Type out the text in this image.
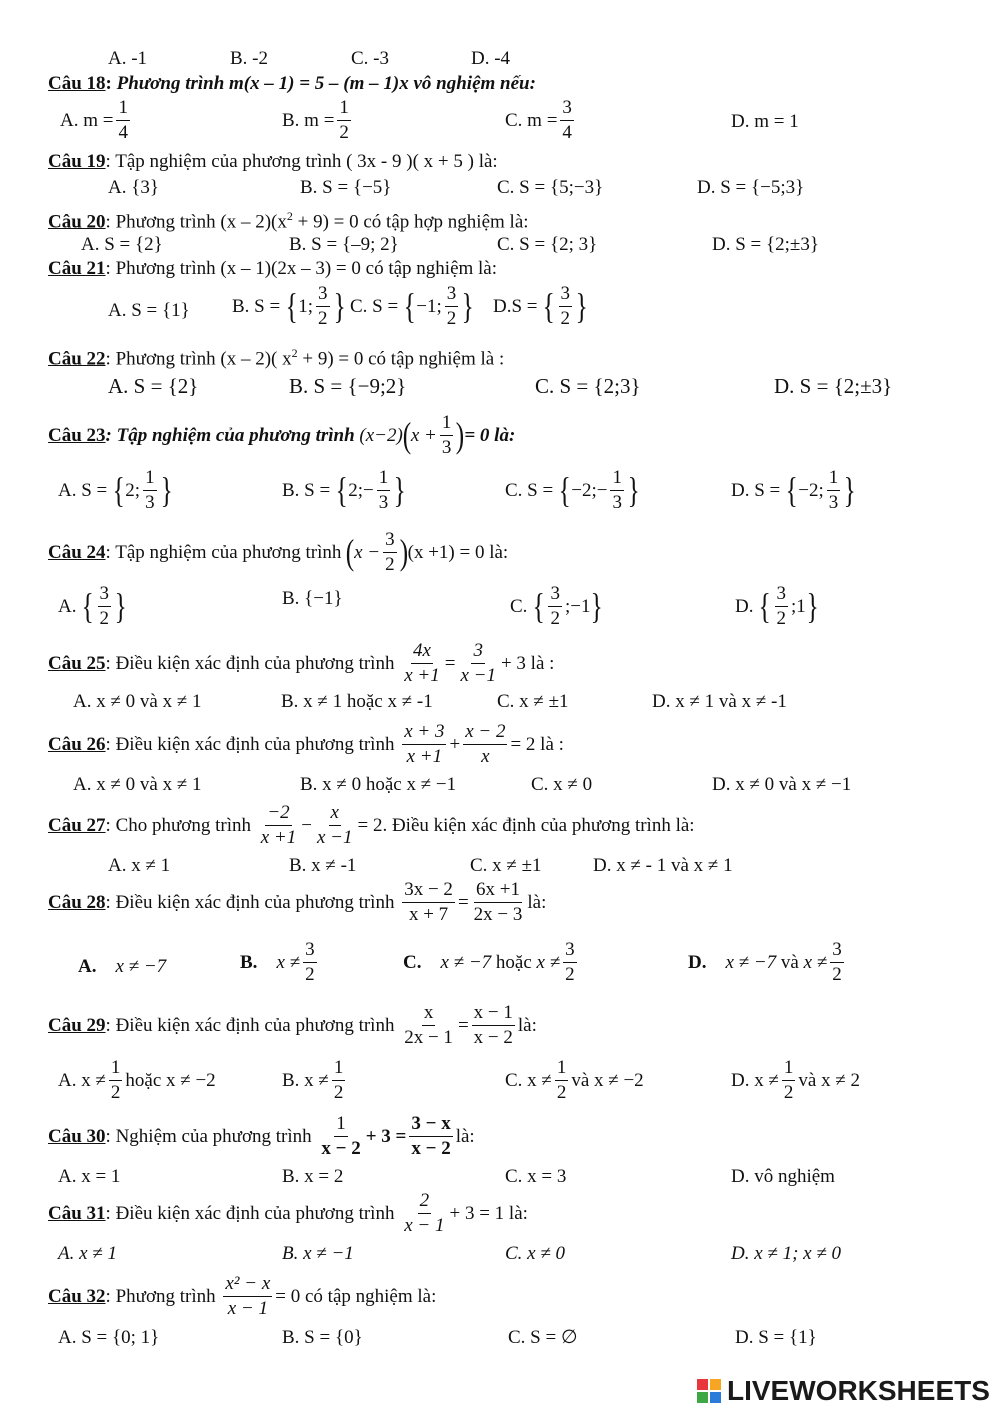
A. -1	B. -2	C. -3	D. -4
Câu 18: Phương trình m(x – 1) = 5 – (m – 1)x vô nghiệm nếu:
A. $m = \frac{1}{4}$	B. $m = \frac{1}{2}$	C. $m = \frac{3}{4}$	D. m = 1
Câu 19: Tập nghiệm của phương trình ( 3x - 9 )( x + 5 ) là:
A. {3}	B. S = {−5}	C. S = {5;−3}	D. S = {−5;3}
Câu 20: Phương trình $(x - 2)(x^2 + 9) = 0$ có tập hợp nghiệm là:
A. S = {2}	B. S = {–9; 2}	C. S = {2; 3}	D. S = {2;±3}
Câu 21: Phương trình (x – 1)(2x – 3) = 0 có tập nghiệm là:
A. S = {1} B. S = {1; $\frac{3}{2}$ } C. S = {−1; $\frac{3}{2}$ } D.S = { $\frac{3}{2}$ }
Câu 22: Phương trình (x – 2)( $x^2 + 9) = 0$ có tập nghiệm là :
A. S = {2}	B. S = {−9;2}	C. S = {2;3}	D. S = {2;±3}
Câu 23: Tập nghiệm của phương trình $(x-2)(x + \frac{1}{3}$ )= 0 là:
A. S = {2; $\frac{1}{3}$ }	B. S = {2;− $\frac{1}{3}$ }	C. S = {−2;− $\frac{1}{3}$ }	D. S = {−2; $\frac{1}{3}$ }
Câu 24: Tập nghiệm của phương trình $(x - \frac{3}{2} )(x +1) = 0$ là:
A. { $\frac{3}{2}$ }	B. {−1}	C. { $\frac{3}{2}$ ;−1}	D. { $\frac{3}{2}$ ;1}
Câu 25: Điều kiện xác định của phương trình $\frac{4x}{x +1} = \frac{3}{x -1} + 3$ là :
A. x ≠ 0 và x ≠ 1	B. x ≠ 1 hoặc x ≠ -1	C. x ≠ ±1	D. x ≠ 1 và x ≠ -1
Câu 26: Điều kiện xác định của phương trình $\frac{x + 3}{x +1} + \frac{x - 2}{x} = 2$ là :
A. x ≠ 0 và x ≠ 1	B. x ≠ 0 hoặc x ≠ −1	C. x ≠ 0	D. x ≠ 0 và x ≠ −1
Câu 27: Cho phương trình $\frac{-2}{x +1} - \frac{x}{x -1} = 2$. Điều kiện xác định của phương trình là:
A. x ≠ 1	B. x ≠ -1	C. x ≠ ±1	D. x ≠ - 1 và x ≠ 1
Câu 28: Điều kiện xác định của phương trình $\frac{3x - 2}{x + 7} = \frac{6x +1}{2x - 3}$ là:
A. x ≠ −7	B. $x \ne \frac{3}{2}$	C. x ≠ −7 hoặc $x \ne \frac{3}{2}$	D. x ≠ −7 và $x \ne \frac{3}{2}$
Câu 29: Điều kiện xác định của phương trình $\frac{x}{2x - 1} = \frac{x - 1}{x - 2}$ là:
A. $x \ne \frac{1}{2}$ hoặc x ≠ −2	B. $x \ne \frac{1}{2}$	C. $x \ne \frac{1}{2}$ và x ≠ −2	D. $x \ne \frac{1}{2}$ và x ≠ 2
Câu 30: Nghiệm của phương trình $\frac{1}{x - 2} + 3 = \frac{3 - x}{x - 2}$ là:
A. x = 1	B. x = 2	C. x = 3	D. vô nghiệm
Câu 31: Điều kiện xác định của phương trình $\frac{2}{x - 1} + 3 = 1$ là:
A. x ≠ 1	B. x ≠ −1	C. x ≠ 0	D. x ≠ 1; x ≠ 0
Câu 32: Phương trình $\frac{\text{x² − x}}{x - 1} = 0$ có tập nghiệm là:
A. S = {0; 1}	B. S = {0}	C. S = ∅	D. S = {1}
LIVEWORKSHEETS
